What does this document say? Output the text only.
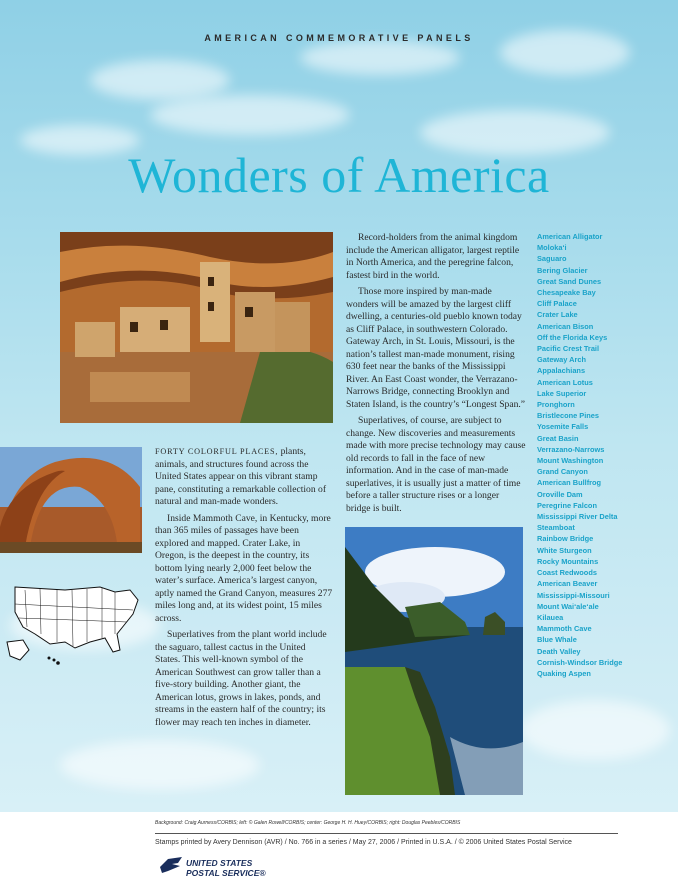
AMERICAN COMMEMORATIVE PANELS
Wonders of America

FORTY COLORFUL PLACES, plants, animals, and structures found across the United States appear on this vibrant stamp pane, constituting a remarkable collection of natural and man-made wonders.

Inside Mammoth Cave, in Kentucky, more than 365 miles of passages have been explored and mapped. Crater Lake, in Oregon, is the deepest in the country, its bottom lying nearly 2,000 feet below the water’s surface. America’s largest canyon, aptly named the Grand Canyon, measures 277 miles long and, at its widest point, 15 miles across.

Superlatives from the plant world include the saguaro, tallest cactus in the United States. This well-known symbol of the American Southwest can grow taller than a five-story building. Another giant, the American lotus, grows in lakes, ponds, and streams in the eastern half of the country; its flower may reach ten inches in diameter.

Record-holders from the animal kingdom include the American alligator, largest reptile in North America, and the peregrine falcon, fastest bird in the world.

Those more inspired by man-made wonders will be amazed by the largest cliff dwelling, a centuries-old pueblo known today as Cliff Palace, in southwestern Colorado. Gateway Arch, in St. Louis, Missouri, is the nation’s tallest man-made monument, rising 630 feet near the banks of the Mississippi River. An East Coast wonder, the Verrazano-Narrows Bridge, connecting Brooklyn and Staten Island, is the country’s “Longest Span.”

Superlatives, of course, are subject to change. New discoveries and measurements made with more precise technology may cause old records to fall in the face of new information. And in the case of man-made superlatives, it is usually just a matter of time before a taller structure rises or a longer bridge is built.

American Alligator
Moloka‘i
Saguaro
Bering Glacier
Great Sand Dunes
Chesapeake Bay
Cliff Palace
Crater Lake
American Bison
Off the Florida Keys
Pacific Crest Trail
Gateway Arch
Appalachians
American Lotus
Lake Superior
Pronghorn
Bristlecone Pines
Yosemite Falls
Great Basin
Verrazano-Narrows
Mount Washington
Grand Canyon
American Bullfrog
Oroville Dam
Peregrine Falcon
Mississippi River Delta
Steamboat
Rainbow Bridge
White Sturgeon
Rocky Mountains
Coast Redwoods
American Beaver
Mississippi-Missouri
Mount Wai‘ale‘ale
Kilauea
Mammoth Cave
Blue Whale
Death Valley
Cornish-Windsor Bridge
Quaking Aspen
Background: Craig Aurness/CORBIS; left: © Galen Rowell/CORBIS; center: George H. H. Huey/CORBIS; right: Douglas Peebles/CORBIS
Stamps printed by Avery Dennison (AVR) / No. 766 in a series / May 27, 2006 / Printed in U.S.A. / © 2006 United States Postal Service
UNITED STATES
POSTAL SERVICE®
